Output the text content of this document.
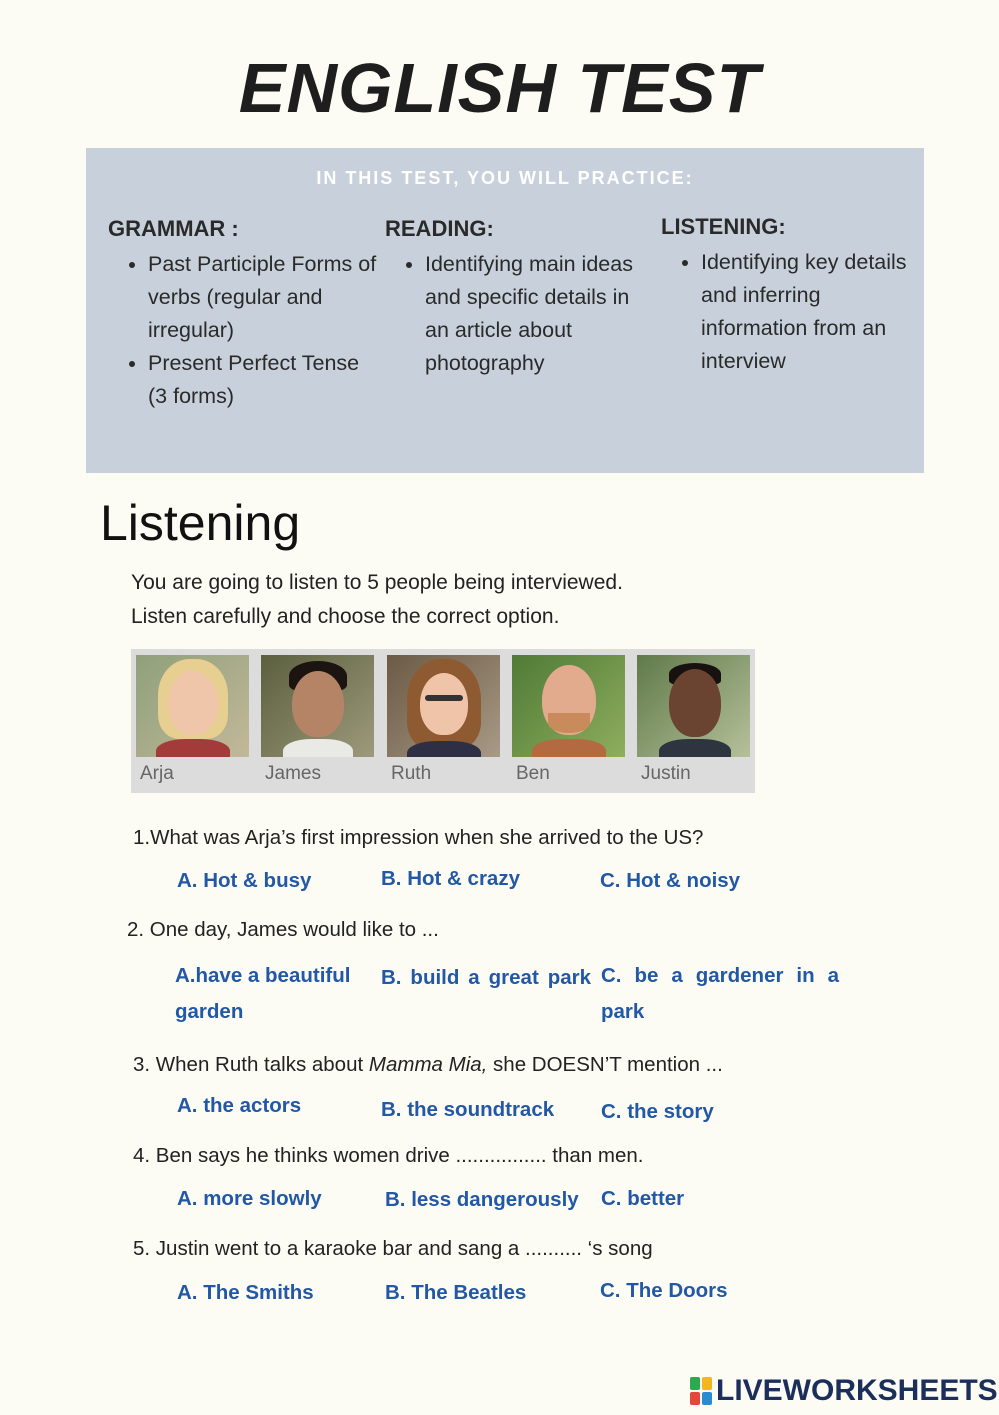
ENGLISH TEST
IN THIS TEST, YOU WILL PRACTICE:
GRAMMAR :
• Past Participle Forms of verbs (regular and irregular)
• Present Perfect Tense (3 forms)
READING:
• Identifying main ideas and specific details in an article about photography
LISTENING:
• Identifying key details and inferring information from an interview
Listening
You are going to listen to 5 people being interviewed.
Listen carefully and choose the correct option.
Arja	James	Ruth	Ben	Justin
1.What was Arja’s first impression when she arrived to the US?
A. Hot & busy	B. Hot & crazy	C. Hot & noisy
2. One day, James would like to ...
A.have a beautiful garden
B. build a great park C. be a gardener in a park
3. When Ruth talks about Mamma Mia, she DOESN’T mention ...
A. the actors	B. the soundtrack C. the story
4. Ben says he thinks women drive ................ than men.
A. more slowly	B. less dangerously C. better
5. Justin went to a karaoke bar and sang a .......... ‘s song
A. The Smiths	B. The Beatles	C. The Doors
LIVEWORKSHEETS
